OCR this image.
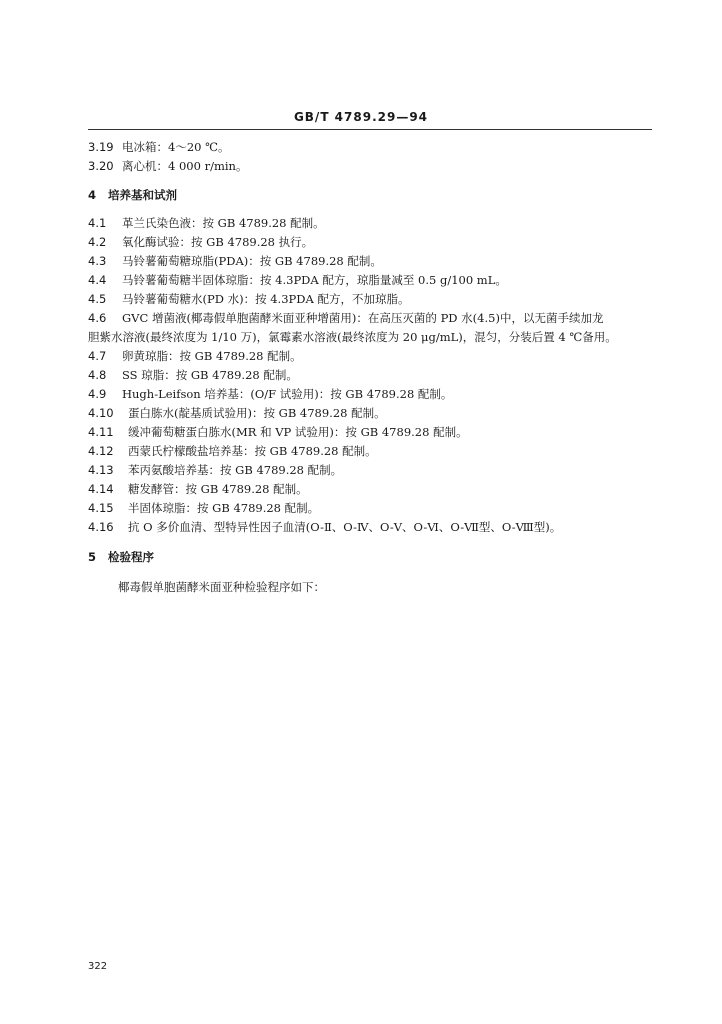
GB/T 4789.29—94
3.19 电冰箱：4～20 ℃。
3.20 离心机：4 000 r/min。
4 培养基和试剂
4.1 革兰氏染色液：按 GB 4789.28 配制。
4.2 氧化酶试验：按 GB 4789.28 执行。
4.3 马铃薯葡萄糖琼脂(PDA)：按 GB 4789.28 配制。
4.4 马铃薯葡萄糖半固体琼脂：按 4.3PDA 配方，琼脂量减至 0.5 g/100 mL。
4.5 马铃薯葡萄糖水(PD 水)：按 4.3PDA 配方，不加琼脂。
4.6 GVC 增菌液(椰毒假单胞菌酵米面亚种增菌用)：在高压灭菌的 PD 水(4.5)中，以无菌手续加龙
胆紫水溶液(最终浓度为 1/10 万)，氯霉素水溶液(最终浓度为 20 μg/mL)，混匀，分装后置 4 ℃备用。
4.7 卵黄琼脂：按 GB 4789.28 配制。
4.8 SS 琼脂：按 GB 4789.28 配制。
4.9 Hugh-Leifson 培养基：(O/F 试验用)：按 GB 4789.28 配制。
4.10 蛋白胨水(靛基质试验用)：按 GB 4789.28 配制。
4.11 缓冲葡萄糖蛋白胨水(MR 和 VP 试验用)：按 GB 4789.28 配制。
4.12 西蒙氏柠檬酸盐培养基：按 GB 4789.28 配制。
4.13 苯丙氨酸培养基：按 GB 4789.28 配制。
4.14 糖发酵管：按 GB 4789.28 配制。
4.15 半固体琼脂：按 GB 4789.28 配制。
4.16 抗 O 多价血清、型特异性因子血清(O-Ⅱ、O-Ⅳ、O-Ⅴ、O-Ⅵ、O-Ⅶ型、O-Ⅷ型)。
5 检验程序
椰毒假单胞菌酵米面亚种检验程序如下：
322
